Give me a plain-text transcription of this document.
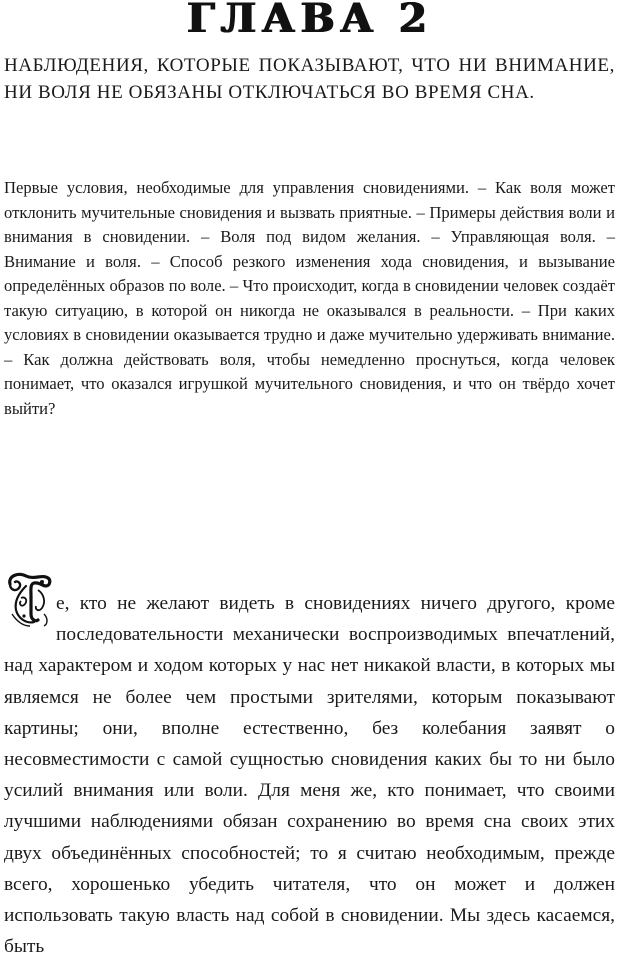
ГЛАВА 2

НАБЛЮДЕНИЯ, КОТОРЫЕ ПОКАЗЫВАЮТ, ЧТО НИ ВНИМАНИЕ, НИ ВОЛЯ НЕ ОБЯЗАНЫ ОТКЛЮЧАТЬСЯ ВО ВРЕМЯ СНА.

Первые условия, необходимые для управления сновидениями. – Как воля может отклонить мучительные сновидения и вызвать приятные. – Примеры действия воли и внимания в сновидении. – Воля под видом желания. – Управляющая воля. – Внимание и воля. – Способ резкого изменения хода сновидения, и вызывание определённых образов по воле. – Что происходит, когда в сновидении человек создаёт такую ситуацию, в которой он никогда не оказывался в реальности. – При каких условиях в сновидении оказывается трудно и даже мучительно удерживать внимание. – Как должна действовать воля, чтобы немедленно проснуться, когда человек понимает, что оказался игрушкой мучительного сновидения, и что он твёрдо хочет выйти?

е, кто не желают видеть в сновидениях ничего другого, кроме последовательности механически воспроизводимых впечатлений, над характером и ходом которых у нас нет никакой власти, в которых мы являемся не более чем простыми зрителями, которым показывают картины; они, вполне естественно, без колебания заявят о несовместимости с самой сущностью сновидения каких бы то ни было усилий внимания или воли. Для меня же, кто понимает, что своими лучшими наблюдениями обязан сохранению во время сна своих этих двух объединённых способностей; то я считаю необходимым, прежде всего, хорошенько убедить читателя, что он может и должен использовать такую власть над собой в сновидении. Мы здесь касаемся, быть
